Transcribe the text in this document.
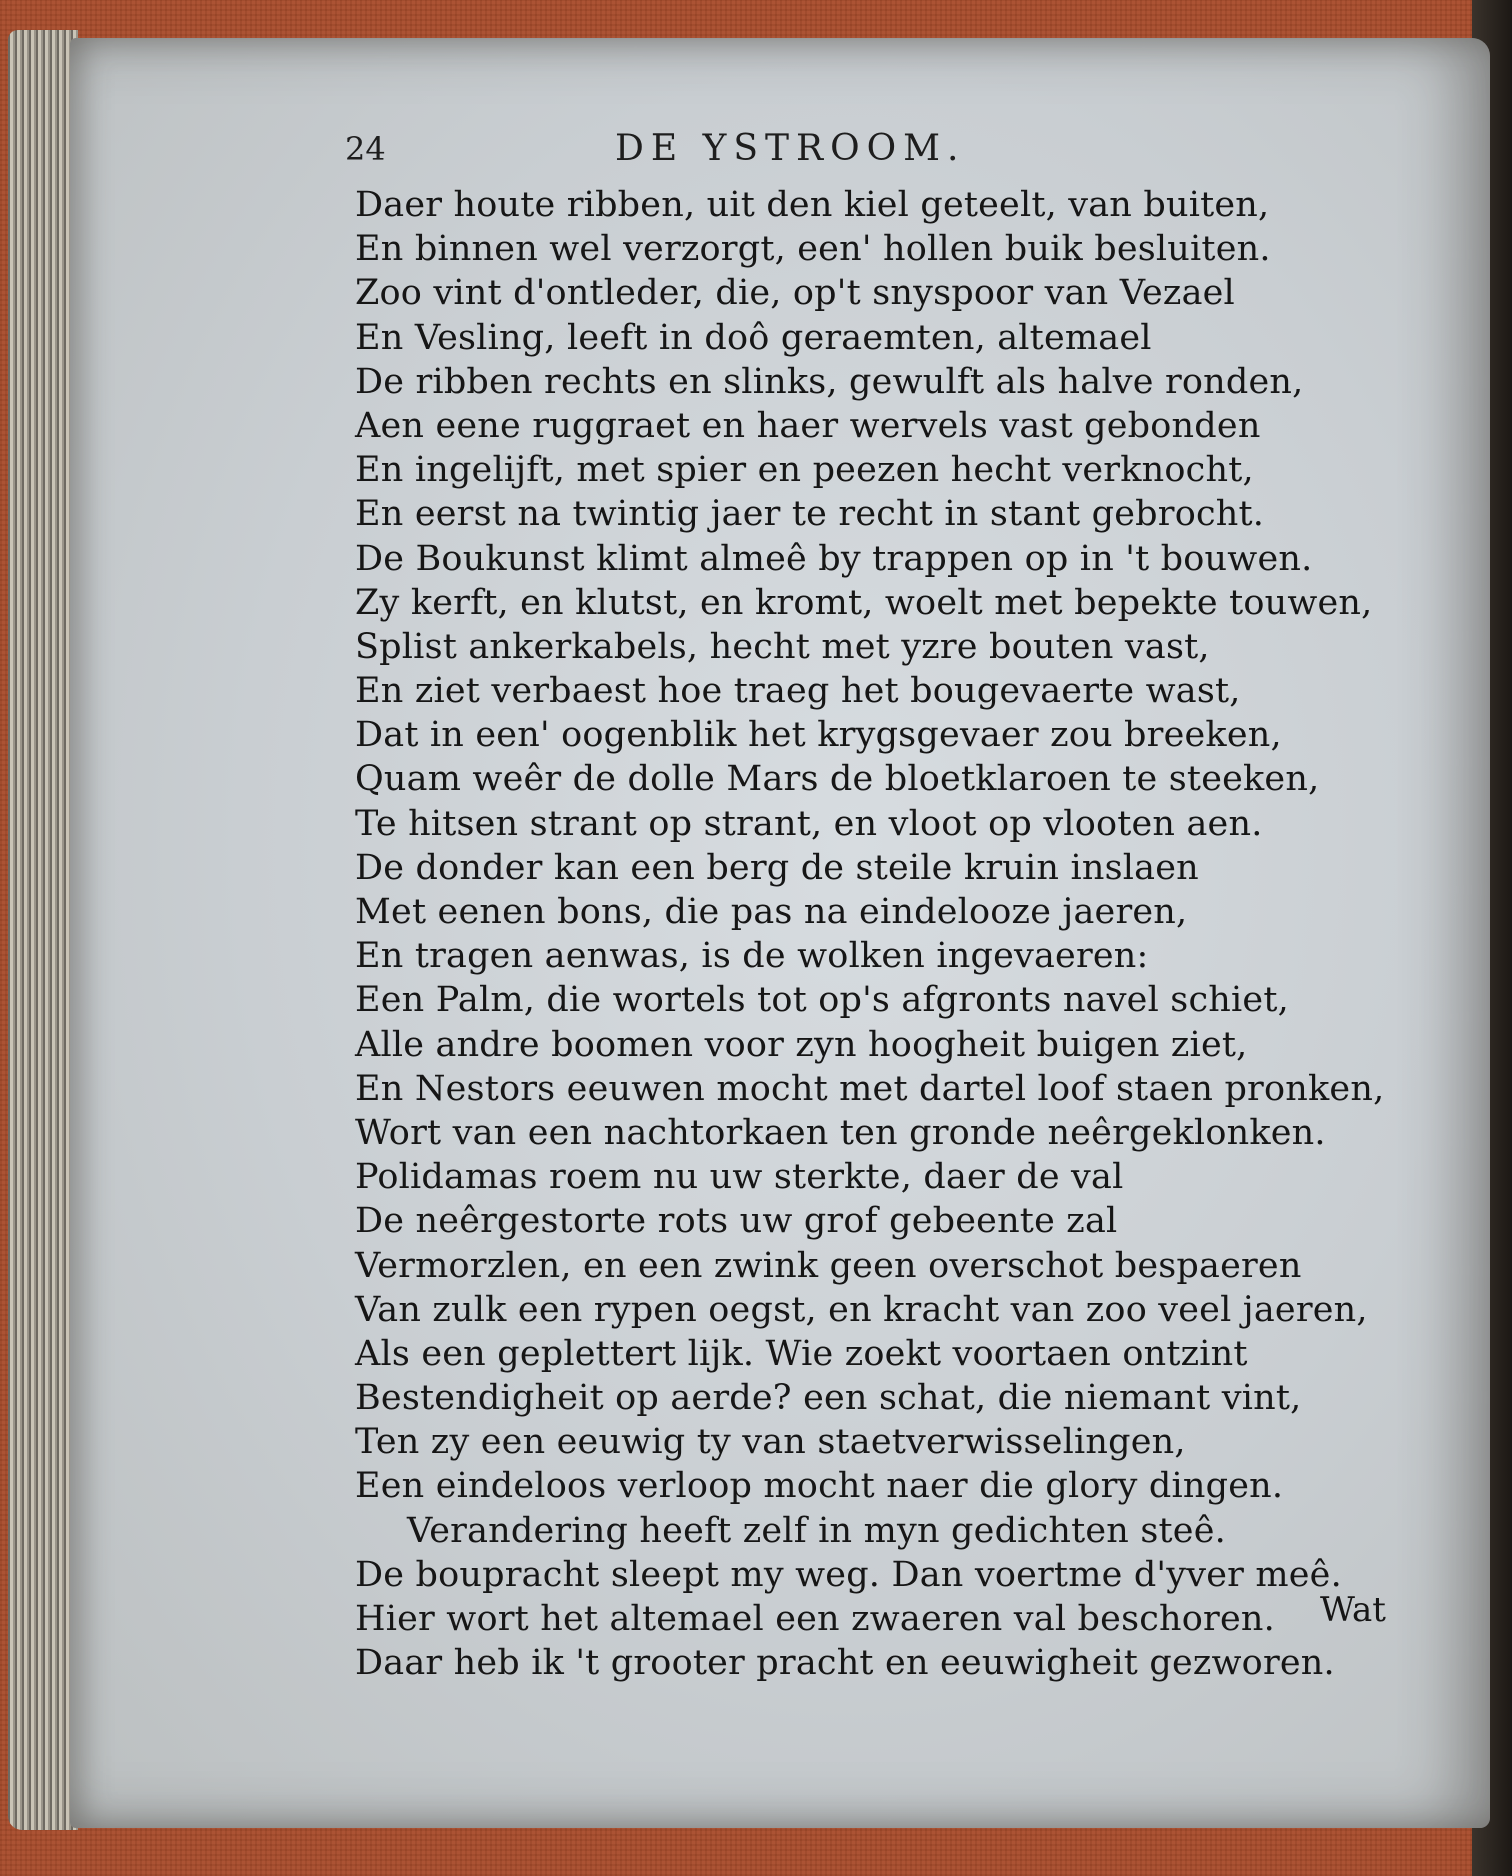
24	DE YSTROOM.
Daer houte ribben, uit den kiel geteelt, van buiten,
En binnen wel verzorgt, een' hollen buik besluiten.
Zoo vint d'ontleder, die, op't snyspoor van Vezael
En Vesling, leeft in doô geraemten, altemael
De ribben rechts en slinks, gewulft als halve ronden,
Aen eene ruggraet en haer wervels vast gebonden
En ingelijft, met spier en peezen hecht verknocht,
En eerst na twintig jaer te recht in stant gebrocht.
De Boukunst klimt almeê by trappen op in 't bouwen.
Zy kerft, en klutst, en kromt, woelt met bepekte touwen,
Splist ankerkabels, hecht met yzre bouten vast,
En ziet verbaest hoe traeg het bougevaerte wast,
Dat in een' oogenblik het krygsgevaer zou breeken,
Quam weêr de dolle Mars de bloetklaroen te steeken,
Te hitsen strant op strant, en vloot op vlooten aen.
De donder kan een berg de steile kruin inslaen
Met eenen bons, die pas na eindelooze jaeren,
En tragen aenwas, is de wolken ingevaeren:
Een Palm, die wortels tot op's afgronts navel schiet,
Alle andre boomen voor zyn hoogheit buigen ziet,
En Nestors eeuwen mocht met dartel loof staen pronken,
Wort van een nachtorkaen ten gronde neêrgeklonken.
Polidamas roem nu uw sterkte, daer de val
De neêrgestorte rots uw grof gebeente zal
Vermorzlen, en een zwink geen overschot bespaeren
Van zulk een rypen oegst, en kracht van zoo veel jaeren,
Als een geplettert lijk. Wie zoekt voortaen ontzint
Bestendigheit op aerde? een schat, die niemant vint,
Ten zy een eeuwig ty van staetverwisselingen,
Een eindeloos verloop mocht naer die glory dingen.
Verandering heeft zelf in myn gedichten steê.
De boupracht sleept my weg. Dan voertme d'yver meê.
Hier wort het altemael een zwaeren val beschoren.
Daar heb ik 't grooter pracht en eeuwigheit gezworen.
Wat
